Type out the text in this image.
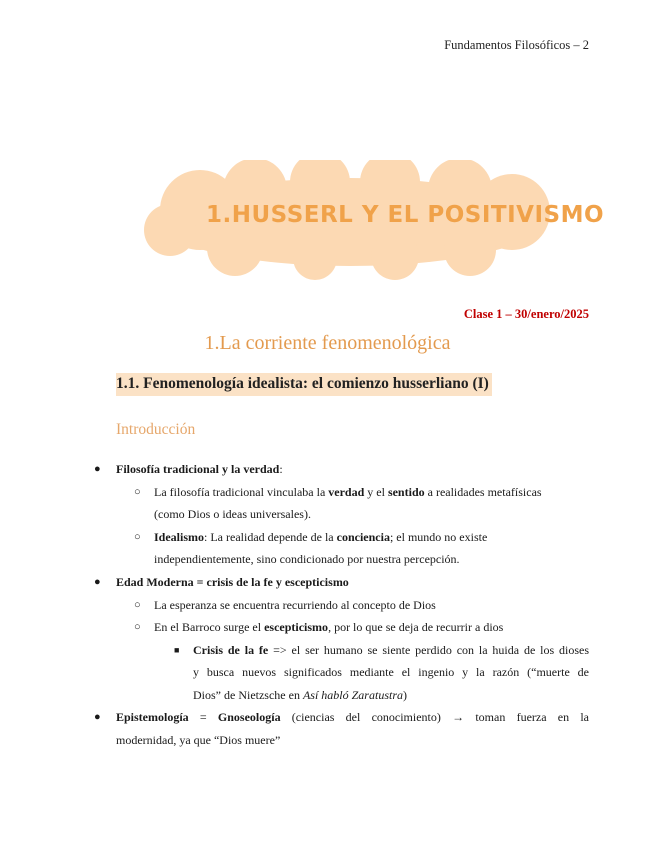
Fundamentos Filosóficos – 2
1.HUSSERL Y EL POSITIVISMO
Clase 1 – 30/enero/2025
1.La corriente fenomenológica
1.1. Fenomenología idealista: el comienzo husserliano (I)
Introducción
● Filosofía tradicional y la verdad:
○ La filosofía tradicional vinculaba la verdad y el sentido a realidades metafísicas
(como Dios o ideas universales).
○ Idealismo: La realidad depende de la conciencia; el mundo no existe
independientemente, sino condicionado por nuestra percepción.
● Edad Moderna = crisis de la fe y escepticismo
○ La esperanza se encuentra recurriendo al concepto de Dios
○ En el Barroco surge el escepticismo, por lo que se deja de recurrir a dios
■ Crisis de la fe => el ser humano se siente perdido con la huida de los dioses
y busca nuevos significados mediante el ingenio y la razón (“muerte de
Dios” de Nietzsche en Así habló Zaratustra)
● Epistemología = Gnoseología (ciencias del conocimiento) → toman fuerza en la
modernidad, ya que “Dios muere”
